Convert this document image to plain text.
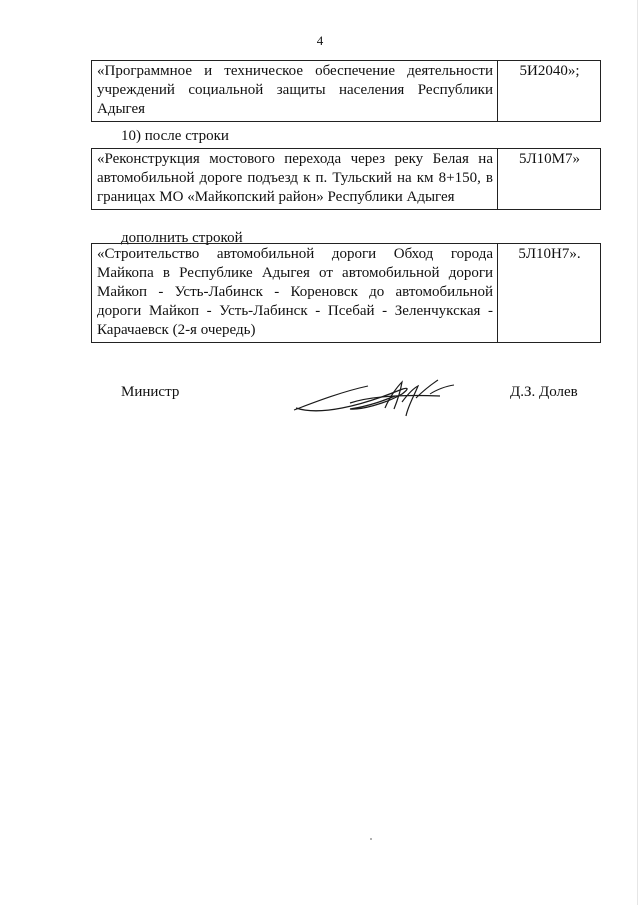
4
«Программное и техническое обеспечение деятельности учреждений социальной защиты населения Республики Адыгея	5И2040»;
10) после строки
«Реконструкция мостового перехода через реку Белая на автомобильной дороге подъезд к п. Тульский на км 8+150, в границах МО «Майкопский район» Республики Адыгея	5Л10М7»
дополнить строкой
«Строительство автомобильной дороги Обход города Майкопа в Республике Адыгея от автомобильной дороги Майкоп - Усть-Лабинск - Кореновск до автомобильной дороги Майкоп - Усть-Лабинск - Псебай - Зеленчукская - Карачаевск (2-я очередь)	5Л10Н7».
Министр	Д.З. Долев
